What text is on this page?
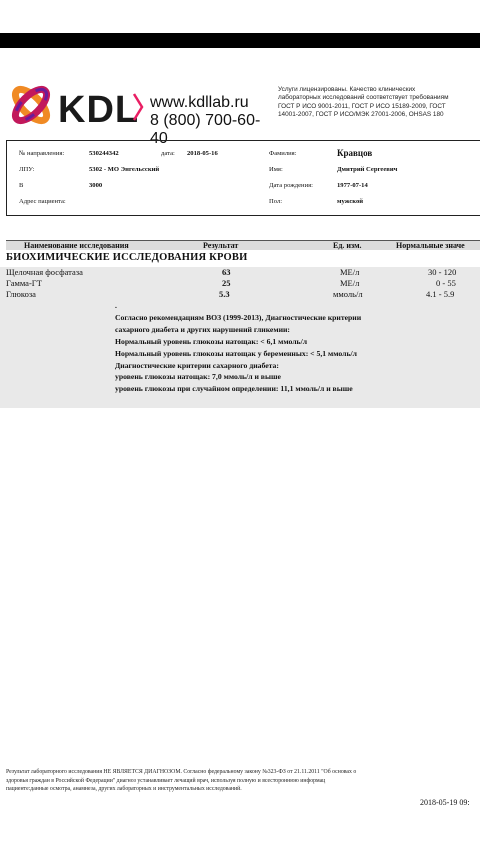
KDL www.kdllab.ru
8 (800) 700-60-40
Услуги лицензированы. Качество клинических
лабораторных исследований соответствует требованиям
ГОСТ Р ИСО 9001-2011, ГОСТ Р ИСО 15189-2009, ГОСТ
14001-2007, ГОСТ Р ИСО/МЭК 27001-2006, OHSAS 180
№ направления:	530244342	дата: 2018-05-16
ЛПУ:	5302 - МО Энгельсский
В	3000
Адрес пациента:
Фамилия:	Кравцов
Имя:	Дмитрий Сергеевич
Дата рождения:	1977-07-14
Пол:	мужской
Наименование исследования	Результат	Ед. изм.	Нормальные значе
БИОХИМИЧЕСКИЕ ИССЛЕДОВАНИЯ КРОВИ
Щелочная фосфатаза	63	МЕ/л	30 - 120
Гамма-ГТ	25	МЕ/л	0 - 55
Глюкоза	5.3	ммоль/л	4.1 - 5.9
.
Согласно рекомендациям ВОЗ (1999-2013), Диагностические критерии
сахарного диабета и других нарушений гликемии:
Нормальный уровень глюкозы натощак: < 6,1 ммоль/л
Нормальный уровень глюкозы натощак у беременных: < 5,1 ммоль/л
Диагностические критерии сахарного диабета:
уровень глюкозы натощак: 7,0 ммоль/л и выше
уровень глюкозы при случайном определении: 11,1 ммоль/л и выше
Результат лабораторного исследования НЕ ЯВЛЯЕТСЯ ДИАГНОЗОМ. Согласно федеральному закону №323-ФЗ от 21.11.2011 "Об основах о
здоровья граждан в Российской Федерации" диагноз устанавливает лечащий врач, используя полную и всестороннюю информац
пациенте:данные осмотра, анамнеза, других лабораторных и инструментальных исследований.
2018-05-19 09:
